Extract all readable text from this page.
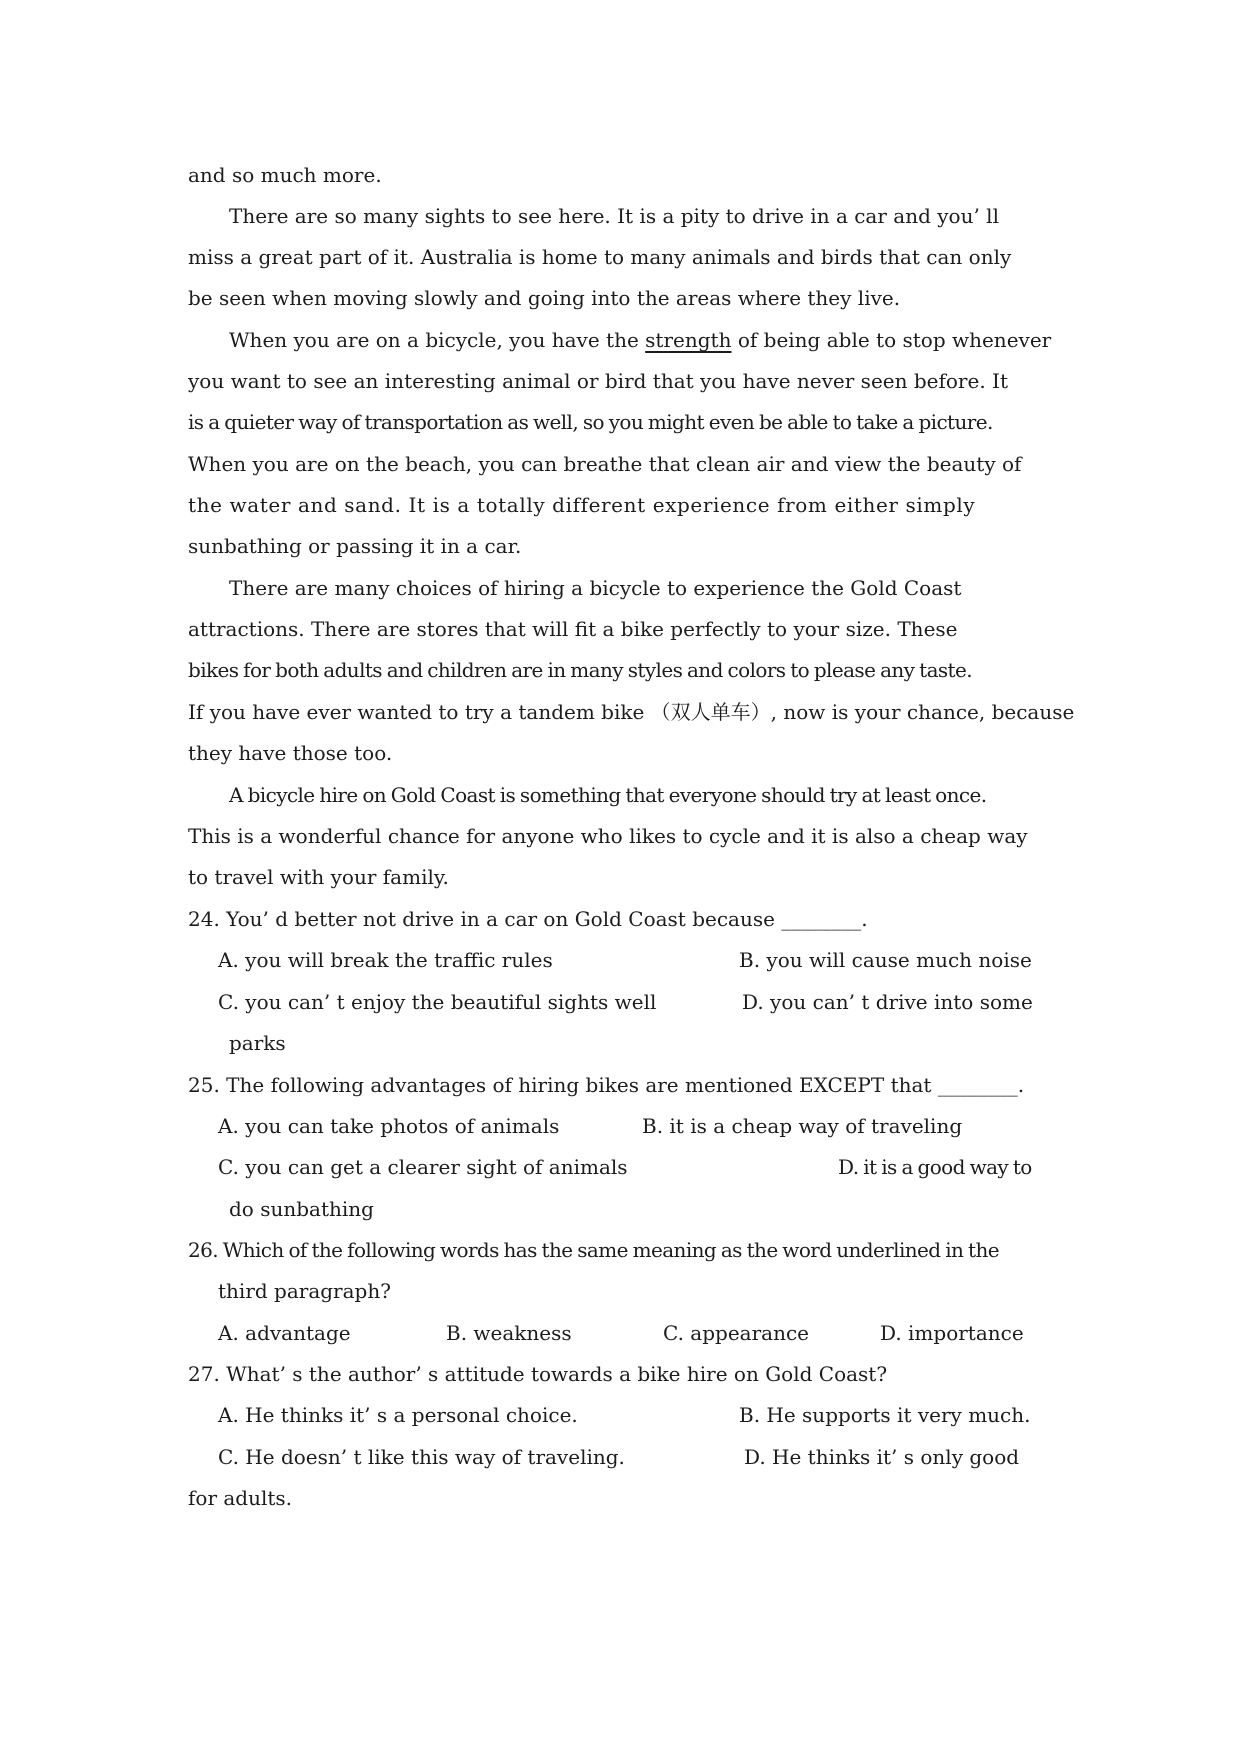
and so much more.
There are so many sights to see here. It is a pity to drive in a car and you’ ll
miss a great part of it. Australia is home to many animals and birds that can only
be seen when moving slowly and going into the areas where they live.
When you are on a bicycle, you have the strength of being able to stop whenever
you want to see an interesting animal or bird that you have never seen before. It
is a quieter way of transportation as well, so you might even be able to take a picture.
When you are on the beach, you can breathe that clean air and view the beauty of
the water and sand. It is a totally different experience from either simply
sunbathing or passing it in a car.
There are many choices of hiring a bicycle to experience the Gold Coast
attractions. There are stores that will fit a bike perfectly to your size. These
bikes for both adults and children are in many styles and colors to please any taste.
If you have ever wanted to try a tandem bike （双人单车）, now is your chance, because
they have those too.
A bicycle hire on Gold Coast is something that everyone should try at least once.
This is a wonderful chance for anyone who likes to cycle and it is also a cheap way
to travel with your family.
24. You’ d better not drive in a car on Gold Coast because ________.
A. you will break the traffic rules	B. you will cause much noise
C. you can’ t enjoy the beautiful sights well	D. you can’ t drive into some
parks
25. The following advantages of hiring bikes are mentioned EXCEPT that ________.
A. you can take photos of animals	B. it is a cheap way of traveling
C. you can get a clearer sight of animals	D. it is a good way to
do sunbathing
26. Which of the following words has the same meaning as the word underlined in the
third paragraph?
A. advantage	B. weakness	C. appearance	D. importance
27. What’ s the author’ s attitude towards a bike hire on Gold Coast?
A. He thinks it’ s a personal choice.	B. He supports it very much.
C. He doesn’ t like this way of traveling.	D. He thinks it’ s only good
for adults.
